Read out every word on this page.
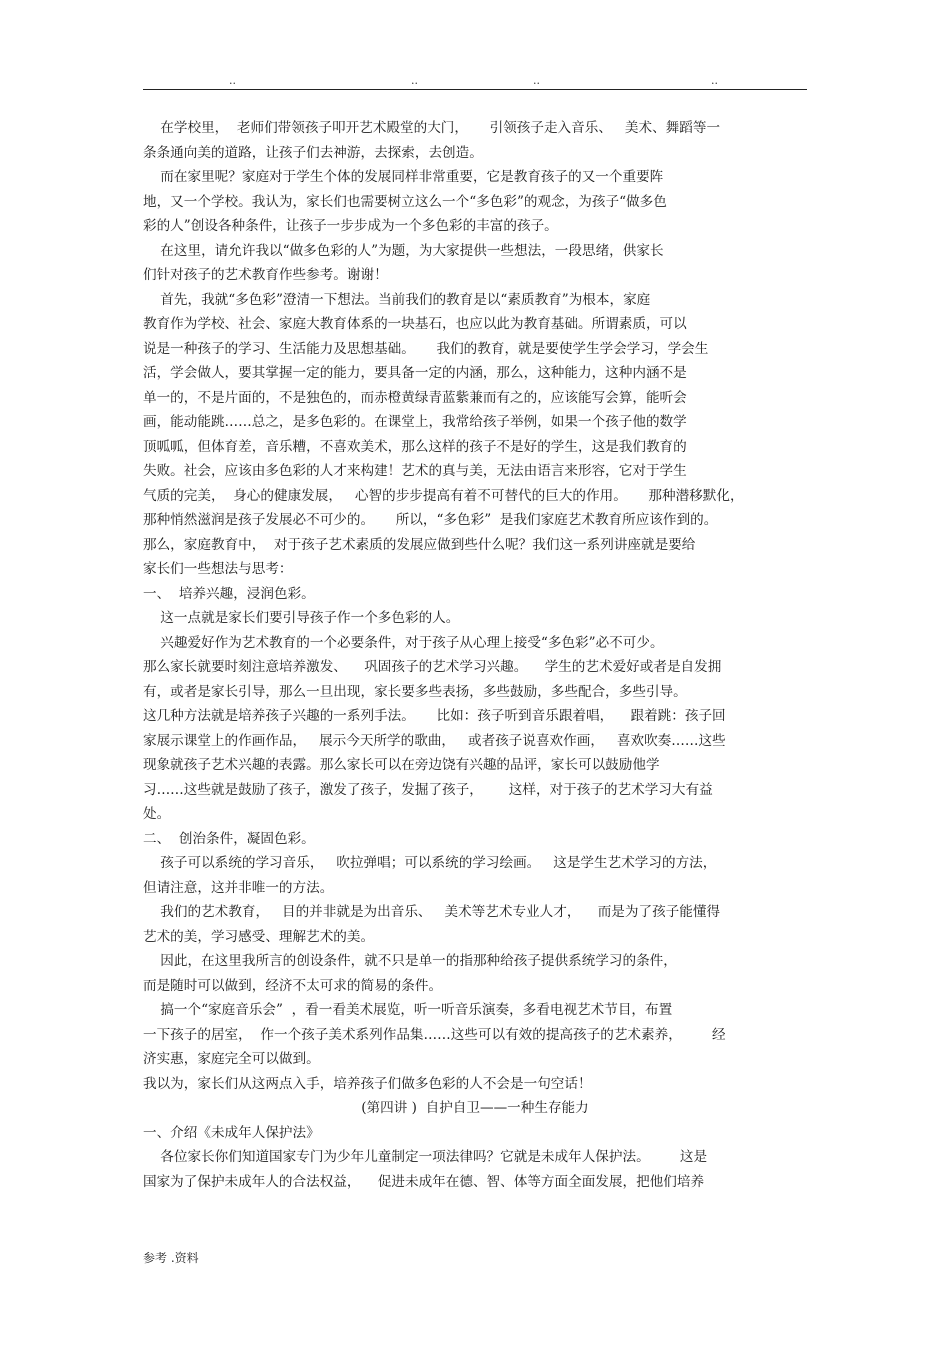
..	..	..	..
在学校里，  老师们带领孩子叩开艺术殿堂的大门，     引领孩子走入音乐、   美术、舞蹈等一
条条通向美的道路，让孩子们去神游，去探索，去创造。
而在家里呢？家庭对于学生个体的发展同样非常重要，它是教育孩子的又一个重要阵
地，又一个学校。我认为，家长们也需要树立这么一个“多色彩”的观念，为孩子“做多色
彩的人”创设各种条件，让孩子一步步成为一个多色彩的丰富的孩子。
在这里，请允许我以“做多色彩的人”为题，为大家提供一些想法，一段思绪，供家长
们针对孩子的艺术教育作些参考。谢谢！
首先，我就“多色彩”澄清一下想法。当前我们的教育是以“素质教育”为根本，家庭
教育作为学校、社会、家庭大教育体系的一块基石，也应以此为教育基础。所谓素质，可以
说是一种孩子的学习、生活能力及思想基础。     我们的教育，就是要使学生学会学习，学会生
活，学会做人，要其掌握一定的能力，要具备一定的内涵，那么，这种能力，这种内涵不是
单一的，不是片面的，不是独色的，而赤橙黄绿青蓝紫兼而有之的，应该能写会算，能听会
画，能动能跳……总之，是多色彩的。在课堂上，我常给孩子举例，如果一个孩子他的数学
顶呱呱，但体育差，音乐糟，不喜欢美术，那么这样的孩子不是好的学生，这是我们教育的
失败。社会，应该由多色彩的人才来构建！艺术的真与美，无法由语言来形容，它对于学生
气质的完美，  身心的健康发展，   心智的步步提高有着不可替代的巨大的作用。     那种潜移默化，
那种悄然滋润是孩子发展必不可少的。     所以，“多色彩”  是我们家庭艺术教育所应该作到的。
那么，家庭教育中，  对于孩子艺术素质的发展应做到些什么呢？我们这一系列讲座就是要给
家长们一些想法与思考：
一、  培养兴趣，浸润色彩。
这一点就是家长们要引导孩子作一个多色彩的人。
兴趣爱好作为艺术教育的一个必要条件，对于孩子从心理上接受“多色彩”必不可少。
那么家长就要时刻注意培养激发、    巩固孩子的艺术学习兴趣。    学生的艺术爱好或者是自发拥
有，或者是家长引导，那么一旦出现，家长要多些表扬，多些鼓励，多些配合，多些引导。
这几种方法就是培养孩子兴趣的一系列手法。     比如：孩子听到音乐跟着唱，    跟着跳：孩子回
家展示课堂上的作画作品，   展示今天所学的歌曲，   或者孩子说喜欢作画，   喜欢吹奏……这些
现象就孩子艺术兴趣的表露。那么家长可以在旁边饶有兴趣的品评，家长可以鼓励他学
习……这些就是鼓励了孩子，激发了孩子，发掘了孩子，      这样，对于孩子的艺术学习大有益
处。
二、  创治条件，凝固色彩。
孩子可以系统的学习音乐，   吹拉弹唱；可以系统的学习绘画。   这是学生艺术学习的方法，
但请注意，这并非唯一的方法。
我们的艺术教育，   目的并非就是为出音乐、   美术等艺术专业人才，    而是为了孩子能懂得
艺术的美，学习感受、理解艺术的美。
因此，在这里我所言的创设条件，就不只是单一的指那种给孩子提供系统学习的条件，
而是随时可以做到，经济不太可求的简易的条件。
搞一个“家庭音乐会”  ，看一看美术展览，听一听音乐演奏，多看电视艺术节目，布置
一下孩子的居室，  作一个孩子美术系列作品集……这些可以有效的提高孩子的艺术素养，       经
济实惠，家庭完全可以做到。
我以为，家长们从这两点入手，培养孩子们做多色彩的人不会是一句空话！
(第四讲 )  自护自卫——一种生存能力
一、介绍《未成年人保护法》
各位家长你们知道国家专门为少年儿童制定一项法律吗？它就是未成年人保护法。       这是
国家为了保护未成年人的合法权益，    促进未成年在德、智、体等方面全面发展，把他们培养
参考 .资料
